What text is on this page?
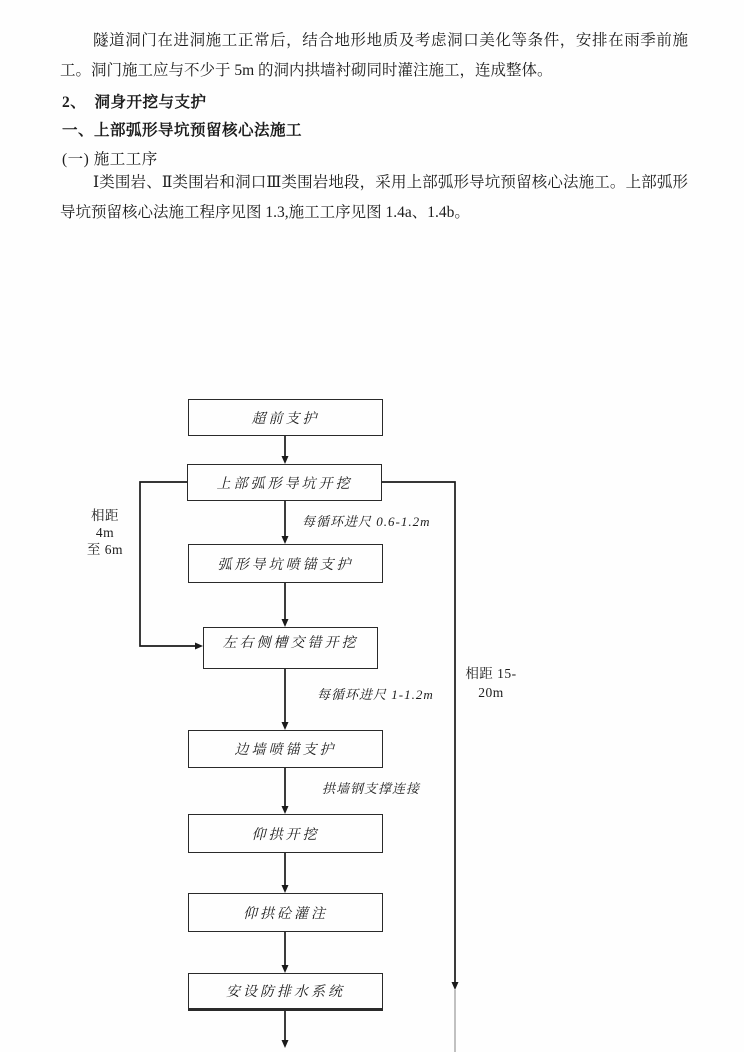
隧道洞门在进洞施工正常后，结合地形地质及考虑洞口美化等条件，安排在雨季前施工。洞门施工应与不少于 5m 的洞内拱墙衬砌同时灌注施工，连成整体。

2、　洞身开挖与支护

一、上部弧形导坑预留核心法施工

(一) 施工工序

Ⅰ类围岩、Ⅱ类围岩和洞口Ⅲ类围岩地段，采用上部弧形导坑预留核心法施工。上部弧形导坑预留核心法施工程序见图 1.3,施工工序见图 1.4a、1.4b。

超前支护
上部弧形导坑开挖
弧形导坑喷锚支护
左右侧槽交错开挖
边墙喷锚支护
仰拱开挖
仰拱砼灌注
安设防排水系统
每循环进尺 0.6-1.2m
每循环进尺 1-1.2m
拱墙钢支撑连接
相距
4m
至 6m
相距 15-
20m
